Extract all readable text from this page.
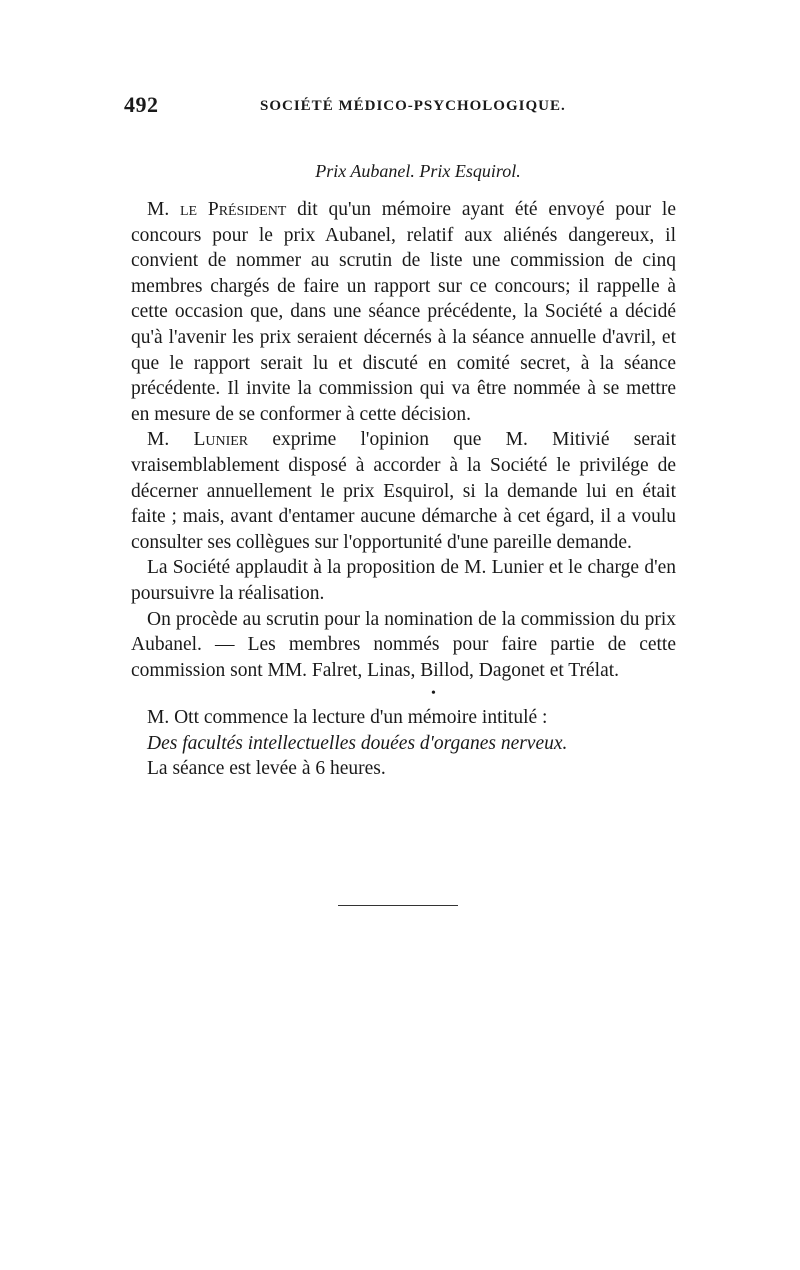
492	SOCIÉTÉ MÉDICO-PSYCHOLOGIQUE.
Prix Aubanel. Prix Esquirol.

M. le Président dit qu'un mémoire ayant été envoyé pour le concours pour le prix Aubanel, relatif aux aliénés dangereux, il convient de nommer au scrutin de liste une commission de cinq membres chargés de faire un rapport sur ce concours; il rappelle à cette occasion que, dans une séance précédente, la Société a décidé qu'à l'avenir les prix seraient décernés à la séance annuelle d'avril, et que le rapport serait lu et discuté en comité secret, à la séance précédente. Il invite la commission qui va être nommée à se mettre en mesure de se conformer à cette décision.

M. Lunier exprime l'opinion que M. Mitivié serait vraisemblablement disposé à accorder à la Société le privilége de décerner annuellement le prix Esquirol, si la demande lui en était faite ; mais, avant d'entamer aucune démarche à cet égard, il a voulu consulter ses collègues sur l'opportunité d'une pareille demande.

La Société applaudit à la proposition de M. Lunier et le charge d'en poursuivre la réalisation.

On procède au scrutin pour la nomination de la commission du prix Aubanel. — Les membres nommés pour faire partie de cette commission sont MM. Falret, Linas, Billod, Dagonet et Trélat.

•

M. Ott commence la lecture d'un mémoire intitulé :

Des facultés intellectuelles douées d'organes nerveux.

La séance est levée à 6 heures.
